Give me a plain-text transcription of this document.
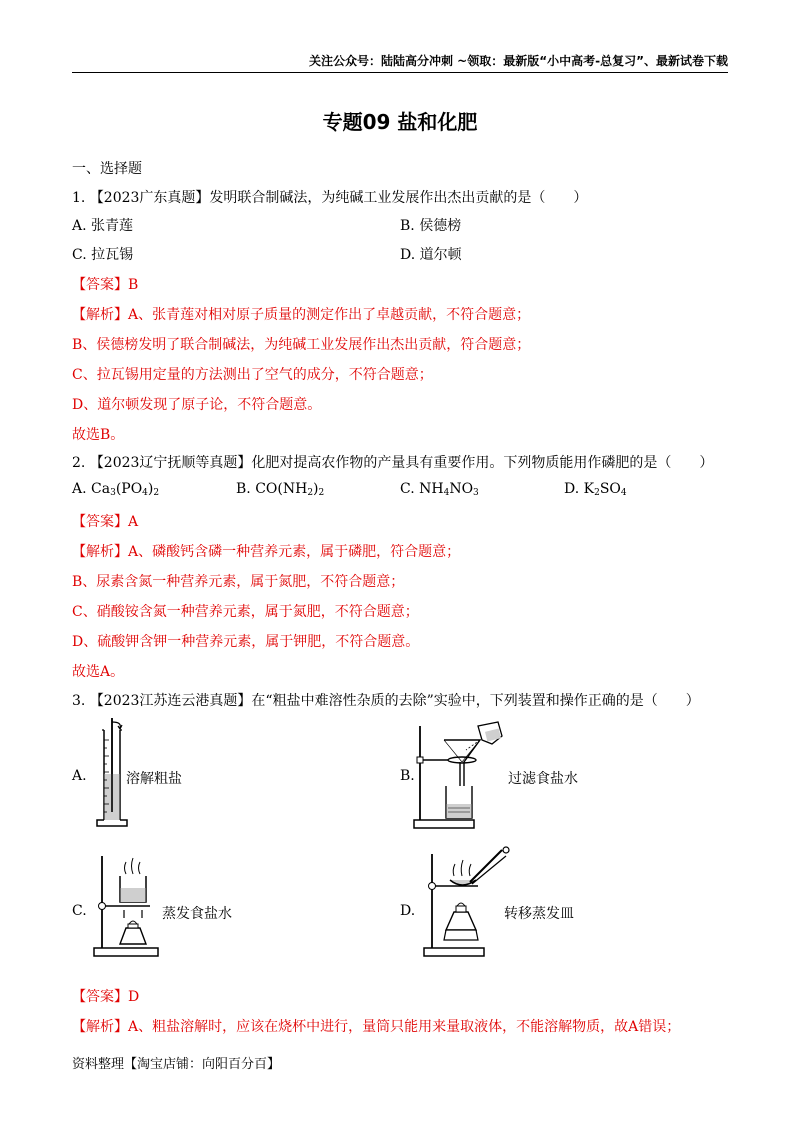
关注公众号：陆陆高分冲刺 ~领取：最新版“小中高考-总复习”、最新试卷下载
专题09 盐和化肥
一、选择题
1. 【2023广东真题】发明联合制碱法，为纯碱工业发展作出杰出贡献的是（　　）
A. 张青莲	B. 侯德榜
C. 拉瓦锡	D. 道尔顿
【答案】B
【解析】A、张青莲对相对原子质量的测定作出了卓越贡献，不符合题意；
B、侯德榜发明了联合制碱法，为纯碱工业发展作出杰出贡献，符合题意；
C、拉瓦锡用定量的方法测出了空气的成分，不符合题意；
D、道尔顿发现了原子论，不符合题意。
故选B。
2. 【2023辽宁抚顺等真题】化肥对提高农作物的产量具有重要作用。下列物质能用作磷肥的是（　　）
A. $Ca_3(PO_4)_2$	B. $CO(NH_2)_2$	C. $NH_4NO_3$	D. $K_2SO_4$
【答案】A
【解析】A、磷酸钙含磷一种营养元素，属于磷肥，符合题意；
B、尿素含氮一种营养元素，属于氮肥，不符合题意；
C、硝酸铵含氮一种营养元素，属于氮肥，不符合题意；
D、硫酸钾含钾一种营养元素，属于钾肥，不符合题意。
故选A。
3. 【2023江苏连云港真题】在“粗盐中难溶性杂质的去除”实验中，下列装置和操作正确的是（　　）
A.	溶解粗盐	B.	过滤食盐水
C.	蒸发食盐水	D.	转移蒸发皿
【答案】D
【解析】A、粗盐溶解时，应该在烧杯中进行，量筒只能用来量取液体，不能溶解物质，故A错误；
资料整理【淘宝店铺：向阳百分百】
